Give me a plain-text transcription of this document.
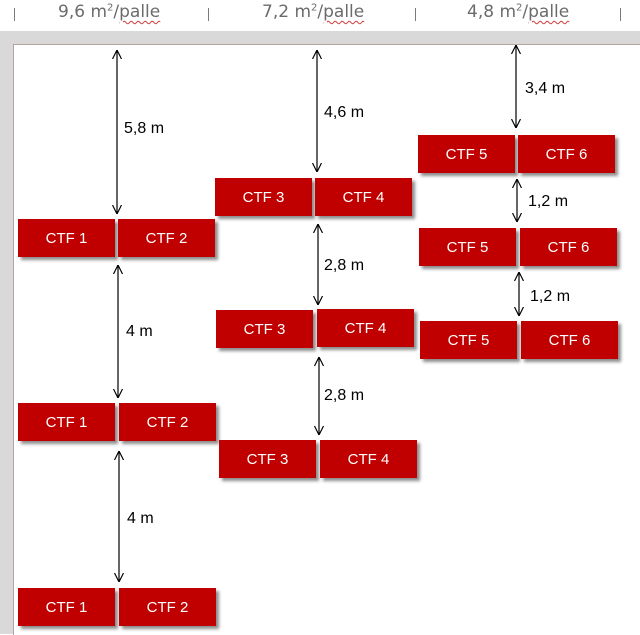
9,6 $m^2$/palle	7,2 $m^2$/palle	4,8 $m^2$/palle
5,8 m
4 m
4 m
4,6 m
2,8 m
2,8 m
3,4 m
1,2 m
1,2 m
CTF 1	CTF 2
CTF 1	CTF 2
CTF 1	CTF 2
CTF 3	CTF 4
CTF 3	CTF 4
CTF 3	CTF 4
CTF 5	CTF 6
CTF 5	CTF 6
CTF 5	CTF 6
